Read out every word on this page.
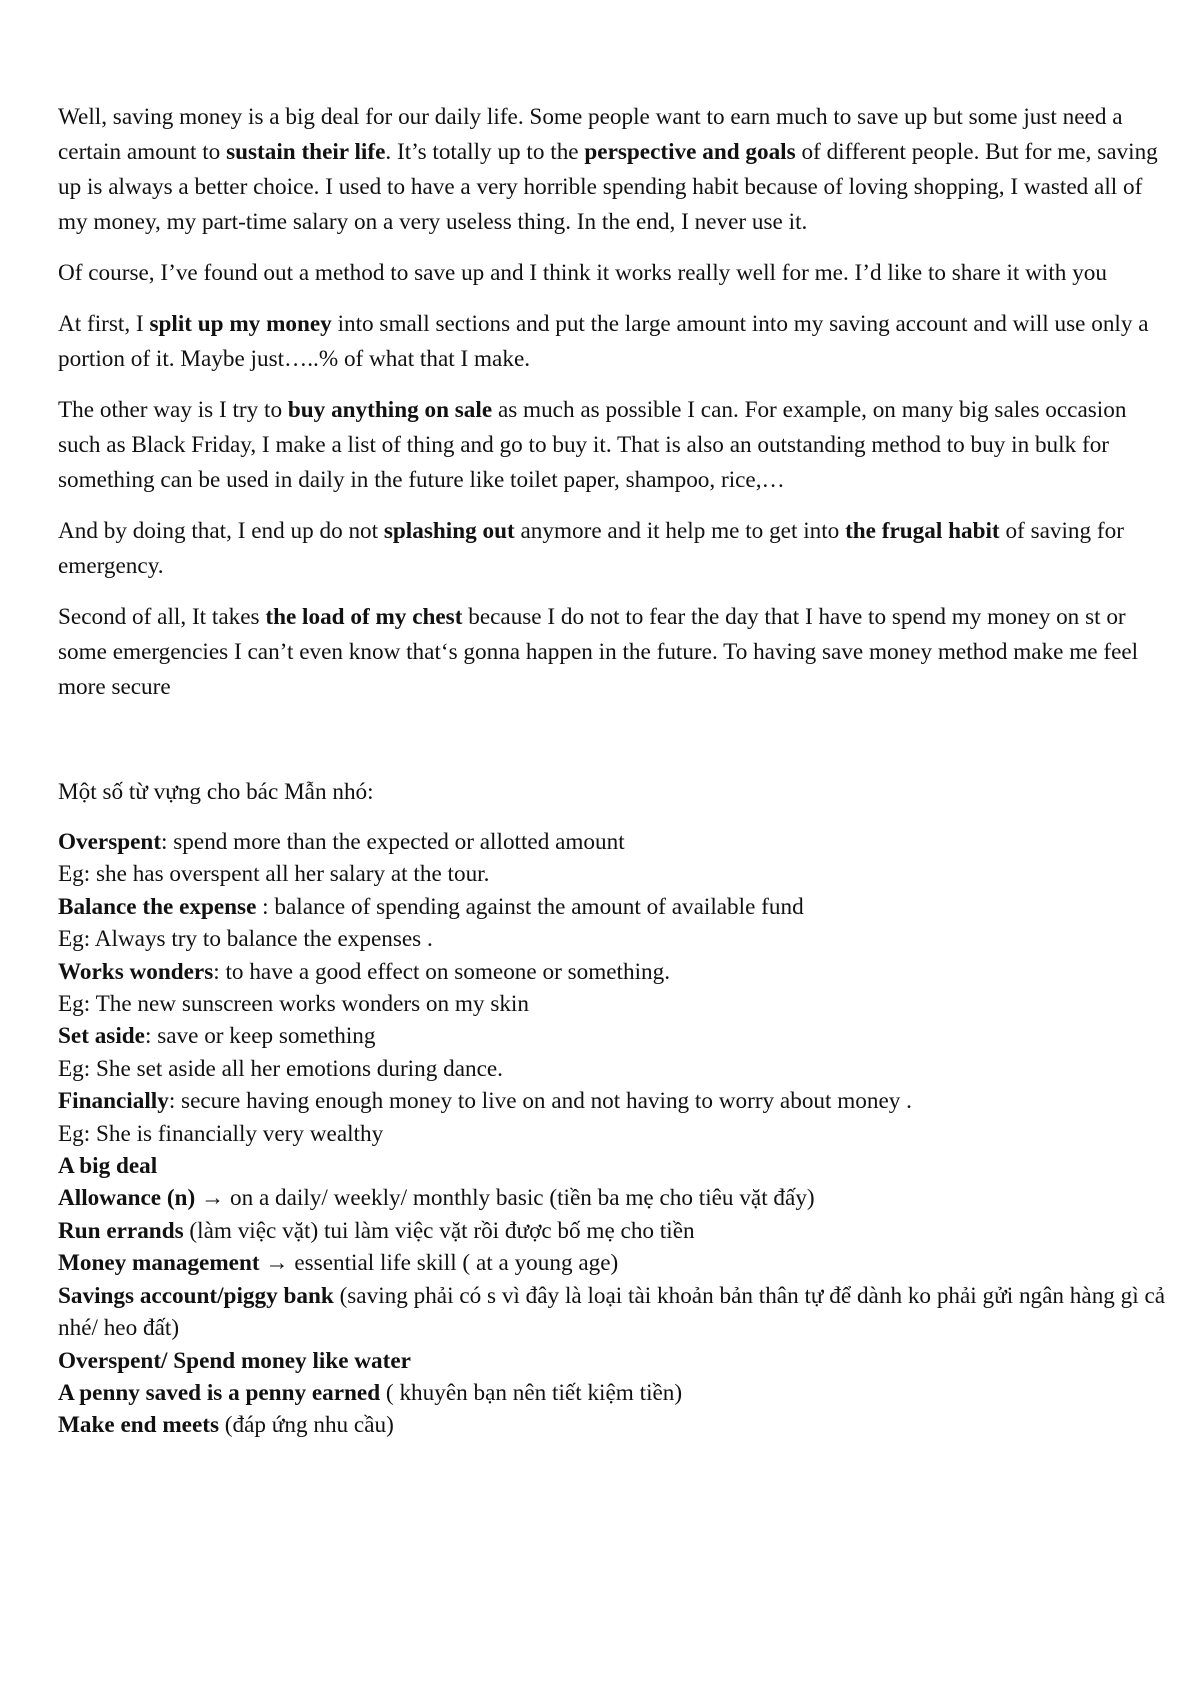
Well, saving money is a big deal for our daily life. Some people want to earn much to save up but some just need a certain amount to sustain their life. It’s totally up to the perspective and goals of different people. But for me, saving up is always a better choice. I used to have a very horrible spending habit because of loving shopping, I wasted all of my money, my part-time salary on a very useless thing. In the end, I never use it.

Of course, I’ve found out a method to save up and I think it works really well for me. I’d like to share it with you

At first, I split up my money into small sections and put the large amount into my saving account and will use only a portion of it. Maybe just…..% of what that I make.

The other way is I try to buy anything on sale as much as possible I can. For example, on many big sales occasion such as Black Friday, I make a list of thing and go to buy it. That is also an outstanding method to buy in bulk for something can be used in daily in the future like toilet paper, shampoo, rice,…

And by doing that, I end up do not splashing out anymore and it help me to get into the frugal habit of saving for emergency.

Second of all, It takes the load of my chest because I do not to fear the day that I have to spend my money on st or some emergencies I can’t even know that‘s gonna happen in the future. To having save money method make me feel more secure

Một số từ vựng cho bác Mẫn nhó:

Overspent: spend more than the expected or allotted amount

Eg: she has overspent all her salary at the tour.

Balance the expense : balance of spending against the amount of available fund

Eg: Always try to balance the expenses .

Works wonders: to have a good effect on someone or something.

Eg: The new sunscreen works wonders on my skin

Set aside: save or keep something

Eg: She set aside all her emotions during dance.

Financially: secure having enough money to live on and not having to worry about money .

Eg: She is financially very wealthy

A big deal

Allowance (n) → on a daily/ weekly/ monthly basic (tiền ba mẹ cho tiêu vặt đấy)

Run errands (làm việc vặt) tui làm việc vặt rồi được bố mẹ cho tiền

Money management → essential life skill ( at a young age)

Savings account/piggy bank (saving phải có s vì đây là loại tài khoản bản thân tự để dành ko phải gửi ngân hàng gì cả nhé/ heo đất)

Overspent/ Spend money like water

A penny saved is a penny earned ( khuyên bạn nên tiết kiệm tiền)

Make end meets (đáp ứng nhu cầu)
